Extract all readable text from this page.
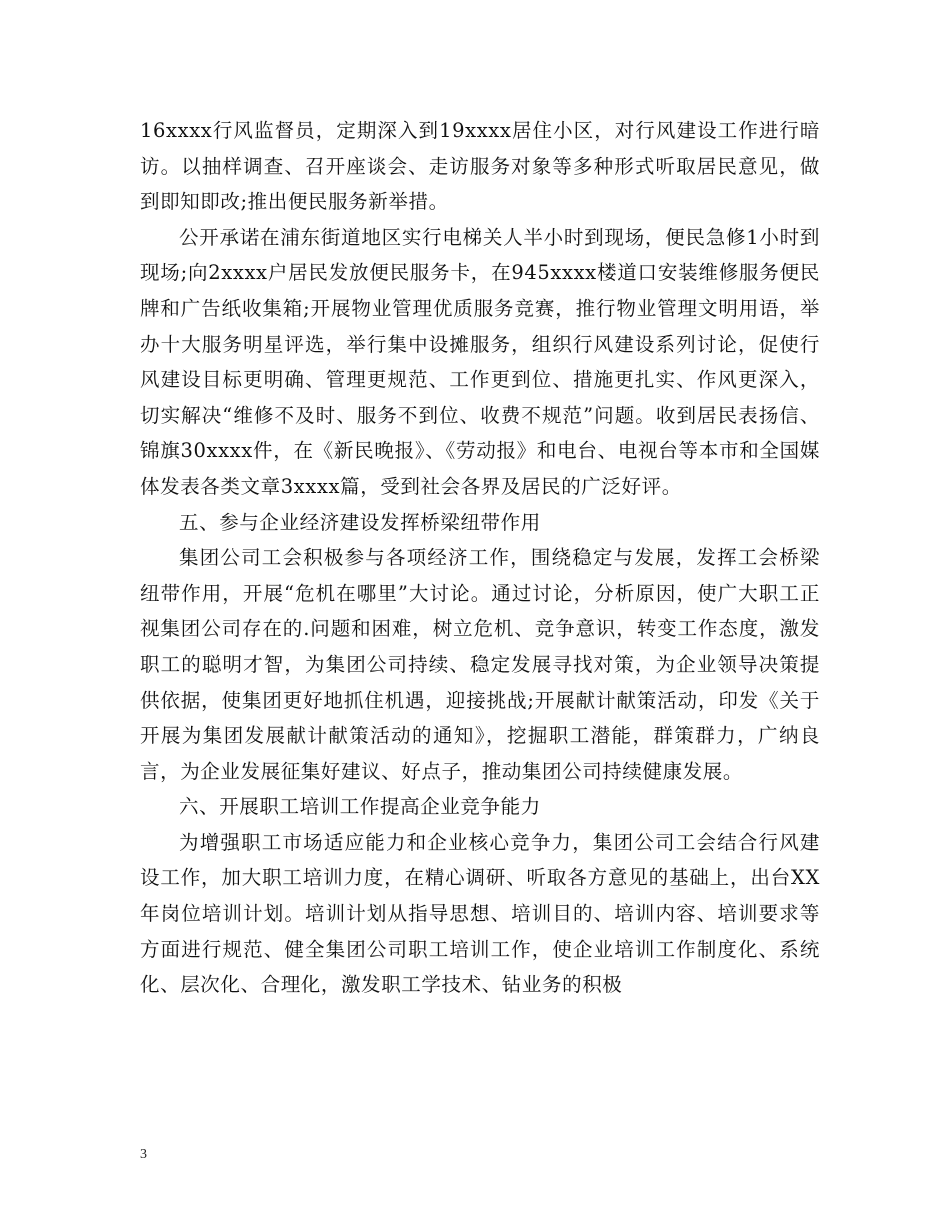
16xxxx行风监督员，定期深入到19xxxx居住小区，对行风建设工作进行暗访。以抽样调查、召开座谈会、走访服务对象等多种形式听取居民意见，做到即知即改;推出便民服务新举措。

公开承诺在浦东街道地区实行电梯关人半小时到现场，便民急修1小时到现场;向2xxxx户居民发放便民服务卡，在945xxxx楼道口安装维修服务便民牌和广告纸收集箱;开展物业管理优质服务竞赛，推行物业管理文明用语，举办十大服务明星评选，举行集中设摊服务，组织行风建设系列讨论，促使行风建设目标更明确、管理更规范、工作更到位、措施更扎实、作风更深入，切实解决“维修不及时、服务不到位、收费不规范”问题。收到居民表扬信、锦旗30xxxx件，在《新民晚报》、《劳动报》和电台、电视台等本市和全国媒体发表各类文章3xxxx篇，受到社会各界及居民的广泛好评。

五、参与企业经济建设发挥桥梁纽带作用

集团公司工会积极参与各项经济工作，围绕稳定与发展，发挥工会桥梁纽带作用，开展“危机在哪里”大讨论。通过讨论，分析原因，使广大职工正视集团公司存在的.问题和困难，树立危机、竞争意识，转变工作态度，激发职工的聪明才智，为集团公司持续、稳定发展寻找对策，为企业领导决策提供依据，使集团更好地抓住机遇，迎接挑战;开展献计献策活动，印发《关于开展为集团发展献计献策活动的通知》，挖掘职工潜能，群策群力，广纳良言，为企业发展征集好建议、好点子，推动集团公司持续健康发展。

六、开展职工培训工作提高企业竞争能力

为增强职工市场适应能力和企业核心竞争力，集团公司工会结合行风建设工作，加大职工培训力度，在精心调研、听取各方意见的基础上，出台XX年岗位培训计划。培训计划从指导思想、培训目的、培训内容、培训要求等方面进行规范、健全集团公司职工培训工作，使企业培训工作制度化、系统化、层次化、合理化，激发职工学技术、钻业务的积极

3
